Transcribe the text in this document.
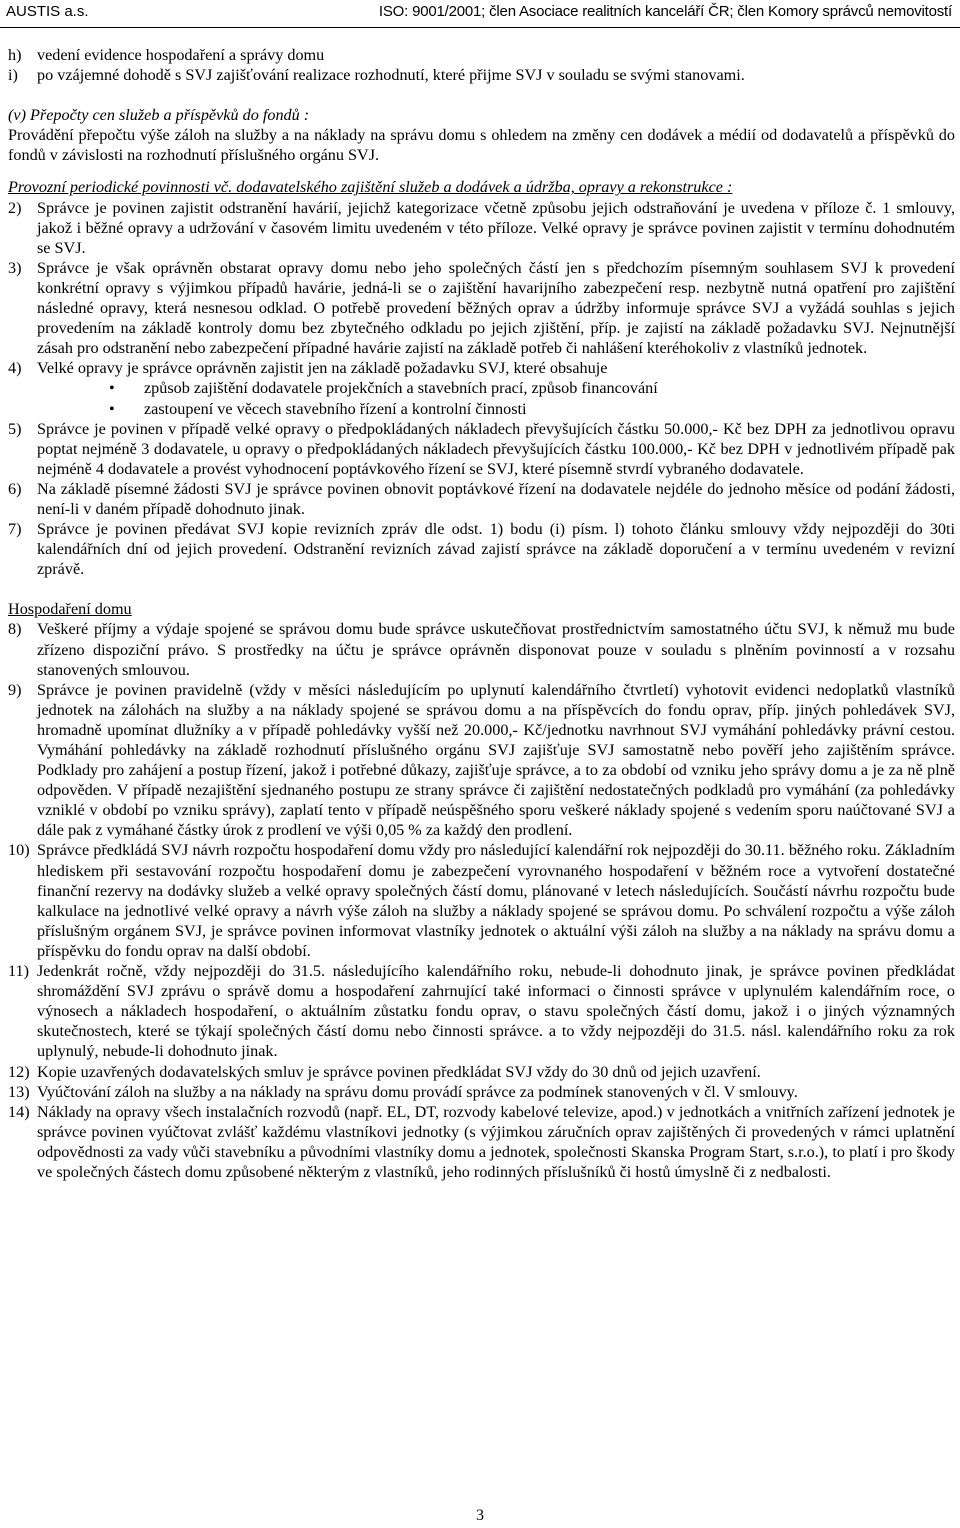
AUSTIS a.s.	ISO: 9001/2001; člen Asociace realitních kanceláří ČR; člen Komory správců nemovitostí
h) vedení evidence hospodaření a správy domu
i) po vzájemné dohodě s SVJ zajišťování realizace rozhodnutí, které přijme SVJ v souladu se svými stanovami.
(v) Přepočty cen služeb a příspěvků do fondů :
Provádění přepočtu výše záloh na služby a na náklady na správu domu s ohledem na změny cen dodávek a médií od dodavatelů a příspěvků do fondů v závislosti na rozhodnutí příslušného orgánu SVJ.
Provozní periodické povinnosti vč. dodavatelského zajištění služeb a dodávek a údržba, opravy a rekonstrukce :
2) Správce je povinen zajistit odstranění havárií, jejichž kategorizace včetně způsobu jejich odstraňování je uvedena v příloze č. 1 smlouvy, jakož i běžné opravy a udržování v časovém limitu uvedeném v této příloze. Velké opravy je správce povinen zajistit v termínu dohodnutém se SVJ.
3) Správce je však oprávněn obstarat opravy domu nebo jeho společných částí jen s předchozím písemným souhlasem SVJ k provedení konkrétní opravy s výjimkou případů havárie, jedná-li se o zajištění havarijního zabezpečení resp. nezbytně nutná opatření pro zajištění následné opravy, která nesnesou odklad. O potřebě provedení běžných oprav a údržby informuje správce SVJ a vyžádá souhlas s jejich provedením na základě kontroly domu bez zbytečného odkladu po jejich zjištění, příp. je zajistí na základě požadavku SVJ. Nejnutnější zásah pro odstranění nebo zabezpečení případné havárie zajistí na základě potřeb či nahlášení kteréhokoliv z vlastníků jednotek.
4) Velké opravy je správce oprávněn zajistit jen na základě požadavku SVJ, které obsahuje
• způsob zajištění dodavatele projekčních a stavebních prací, způsob financování
• zastoupení ve věcech stavebního řízení a kontrolní činnosti
5) Správce je povinen v případě velké opravy o předpokládaných nákladech převyšujících částku 50.000,- Kč bez DPH za jednotlivou opravu poptat nejméně 3 dodavatele, u opravy o předpokládaných nákladech převyšujících částku 100.000,- Kč bez DPH v jednotlivém případě pak nejméně 4 dodavatele a provést vyhodnocení poptávkového řízení se SVJ, které písemně stvrdí vybraného dodavatele.
6) Na základě písemné žádosti SVJ je správce povinen obnovit poptávkové řízení na dodavatele nejdéle do jednoho měsíce od podání žádosti, není-li v daném případě dohodnuto jinak.
7) Správce je povinen předávat SVJ kopie revizních zpráv dle odst. 1) bodu (i) písm. l) tohoto článku smlouvy vždy nejpozději do 30ti kalendářních dní od jejich provedení. Odstranění revizních závad zajistí správce na základě doporučení a v termínu uvedeném v revizní zprávě.
Hospodaření domu
8) Veškeré příjmy a výdaje spojené se správou domu bude správce uskutečňovat prostřednictvím samostatného účtu SVJ, k němuž mu bude zřízeno dispoziční právo. S prostředky na účtu je správce oprávněn disponovat pouze v souladu s plněním povinností a v rozsahu stanovených smlouvou.
9) Správce je povinen pravidelně (vždy v měsíci následujícím po uplynutí kalendářního čtvrtletí) vyhotovit evidenci nedoplatků vlastníků jednotek na zálohách na služby a na náklady spojené se správou domu a na příspěvcích do fondu oprav, příp. jiných pohledávek SVJ, hromadně upomínat dlužníky a v případě pohledávky vyšší než 20.000,- Kč/jednotku navrhnout SVJ vymáhání pohledávky právní cestou. Vymáhání pohledávky na základě rozhodnutí příslušného orgánu SVJ zajišťuje SVJ samostatně nebo pověří jeho zajištěním správce. Podklady pro zahájení a postup řízení, jakož i potřebné důkazy, zajišťuje správce, a to za období od vzniku jeho správy domu a je za ně plně odpověden. V případě nezajištění sjednaného postupu ze strany správce či zajištění nedostatečných podkladů pro vymáhání (za pohledávky vzniklé v období po vzniku správy), zaplatí tento v případě neúspěšného sporu veškeré náklady spojené s vedením sporu naúčtované SVJ a dále pak z vymáhané částky úrok z prodlení ve výši 0,05 % za každý den prodlení.
10) Správce předkládá SVJ návrh rozpočtu hospodaření domu vždy pro následující kalendářní rok nejpozději do 30.11. běžného roku. Základním hlediskem při sestavování rozpočtu hospodaření domu je zabezpečení vyrovnaného hospodaření v běžném roce a vytvoření dostatečné finanční rezervy na dodávky služeb a velké opravy společných částí domu, plánované v letech následujících. Součástí návrhu rozpočtu bude kalkulace na jednotlivé velké opravy a návrh výše záloh na služby a náklady spojené se správou domu. Po schválení rozpočtu a výše záloh příslušným orgánem SVJ, je správce povinen informovat vlastníky jednotek o aktuální výši záloh na služby a na náklady na správu domu a příspěvku do fondu oprav na další období.
11) Jedenkrát ročně, vždy nejpozději do 31.5. následujícího kalendářního roku, nebude-li dohodnuto jinak, je správce povinen předkládat shromáždění SVJ zprávu o správě domu a hospodaření zahrnující také informaci o činnosti správce v uplynulém kalendářním roce, o výnosech a nákladech hospodaření, o aktuálním zůstatku fondu oprav, o stavu společných částí domu, jakož i o jiných významných skutečnostech, které se týkají společných částí domu nebo činnosti správce. a to vždy nejpozději do 31.5. násl. kalendářního roku za rok uplynulý, nebude-li dohodnuto jinak.
12) Kopie uzavřených dodavatelských smluv je správce povinen předkládat SVJ vždy do 30 dnů od jejich uzavření.
13) Vyúčtování záloh na služby a na náklady na správu domu provádí správce za podmínek stanovených v čl. V smlouvy.
14) Náklady na opravy všech instalačních rozvodů (např. EL, DT, rozvody kabelové televize, apod.) v jednotkách a vnitřních zařízení jednotek je správce povinen vyúčtovat zvlášť každému vlastníkovi jednotky (s výjimkou záručních oprav zajištěných či provedených v rámci uplatnění odpovědnosti za vady vůči stavebníku a původními vlastníky domu a jednotek, společnosti Skanska Program Start, s.r.o.), to platí i pro škody ve společných částech domu způsobené některým z vlastníků, jeho rodinných příslušníků či hostů úmyslně či z nedbalosti.
3
